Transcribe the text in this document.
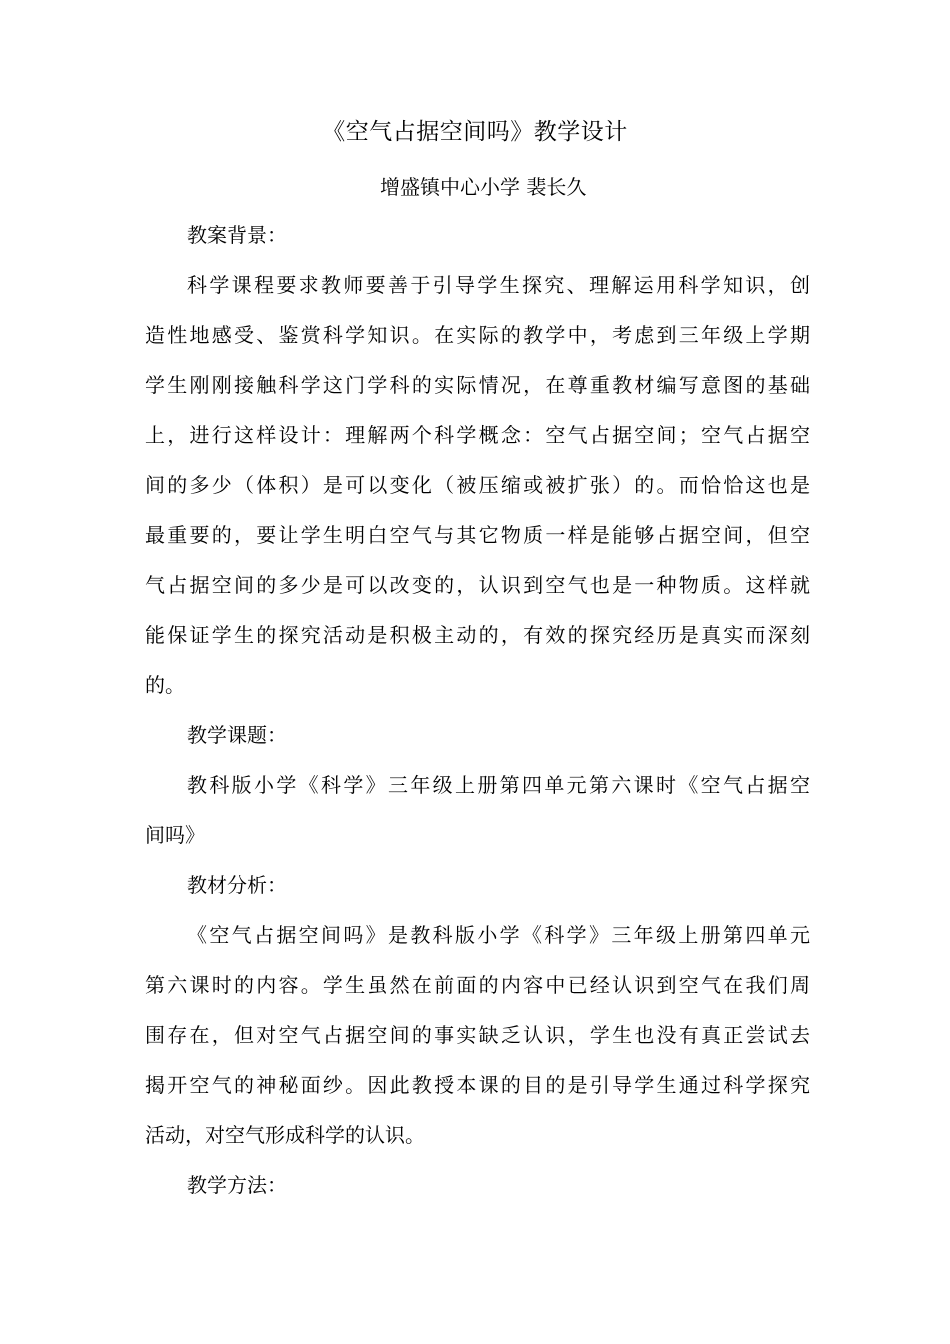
《空气占据空间吗》教学设计
增盛镇中心小学 裴长久
教案背景：
科学课程要求教师要善于引导学生探究、理解运用科学知识，创
造性地感受、鉴赏科学知识。在实际的教学中，考虑到三年级上学期
学生刚刚接触科学这门学科的实际情况，在尊重教材编写意图的基础
上，进行这样设计：理解两个科学概念：空气占据空间；空气占据空
间的多少（体积）是可以变化（被压缩或被扩张）的。而恰恰这也是
最重要的，要让学生明白空气与其它物质一样是能够占据空间，但空
气占据空间的多少是可以改变的，认识到空气也是一种物质。这样就
能保证学生的探究活动是积极主动的，有效的探究经历是真实而深刻
的。
教学课题：
教科版小学《科学》三年级上册第四单元第六课时《空气占据空
间吗》
教材分析：
《空气占据空间吗》是教科版小学《科学》三年级上册第四单元
第六课时的内容。学生虽然在前面的内容中已经认识到空气在我们周
围存在，但对空气占据空间的事实缺乏认识，学生也没有真正尝试去
揭开空气的神秘面纱。因此教授本课的目的是引导学生通过科学探究
活动，对空气形成科学的认识。
教学方法：
